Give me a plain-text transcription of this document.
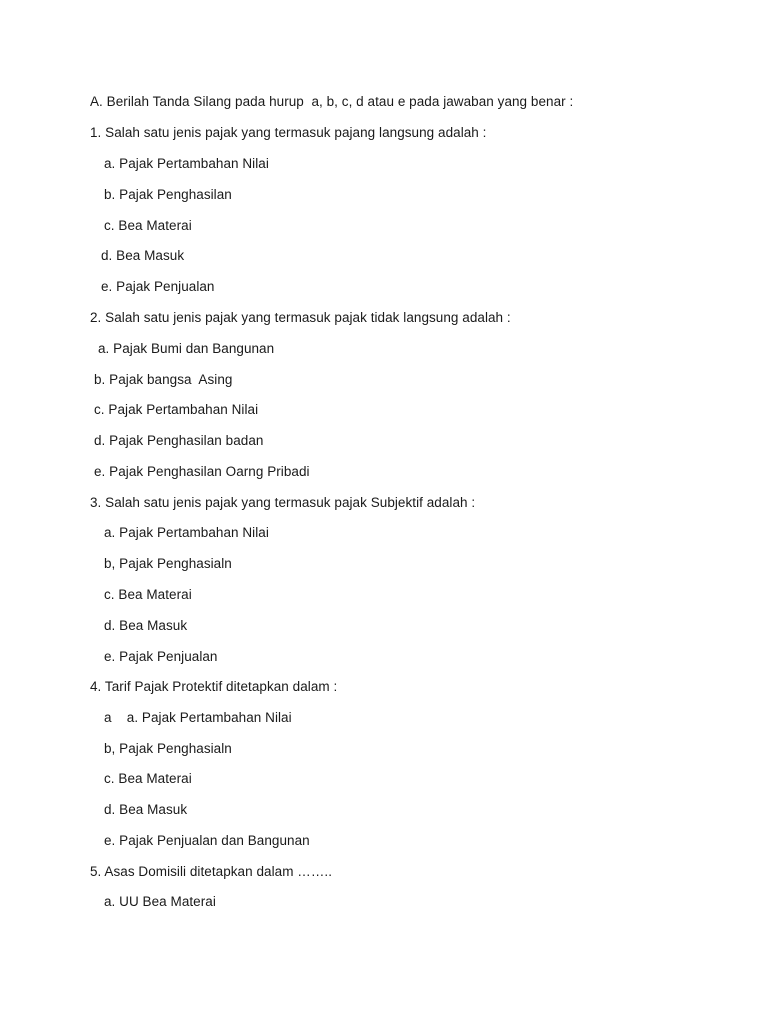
A. Berilah Tanda Silang pada hurup  a, b, c, d atau e pada jawaban yang benar :
1. Salah satu jenis pajak yang termasuk pajang langsung adalah :
a. Pajak Pertambahan Nilai
b. Pajak Penghasilan
c. Bea Materai
d. Bea Masuk
e. Pajak Penjualan
2. Salah satu jenis pajak yang termasuk pajak tidak langsung adalah :
a. Pajak Bumi dan Bangunan
b. Pajak bangsa  Asing
c. Pajak Pertambahan Nilai
d. Pajak Penghasilan badan
e. Pajak Penghasilan Oarng Pribadi
3. Salah satu jenis pajak yang termasuk pajak Subjektif adalah :
a. Pajak Pertambahan Nilai
b, Pajak Penghasialn
c. Bea Materai
d. Bea Masuk
e. Pajak Penjualan
4. Tarif Pajak Protektif ditetapkan dalam :
a    a. Pajak Pertambahan Nilai
b, Pajak Penghasialn
c. Bea Materai
d. Bea Masuk
e. Pajak Penjualan dan Bangunan
5. Asas Domisili ditetapkan dalam ……..
a. UU Bea Materai
